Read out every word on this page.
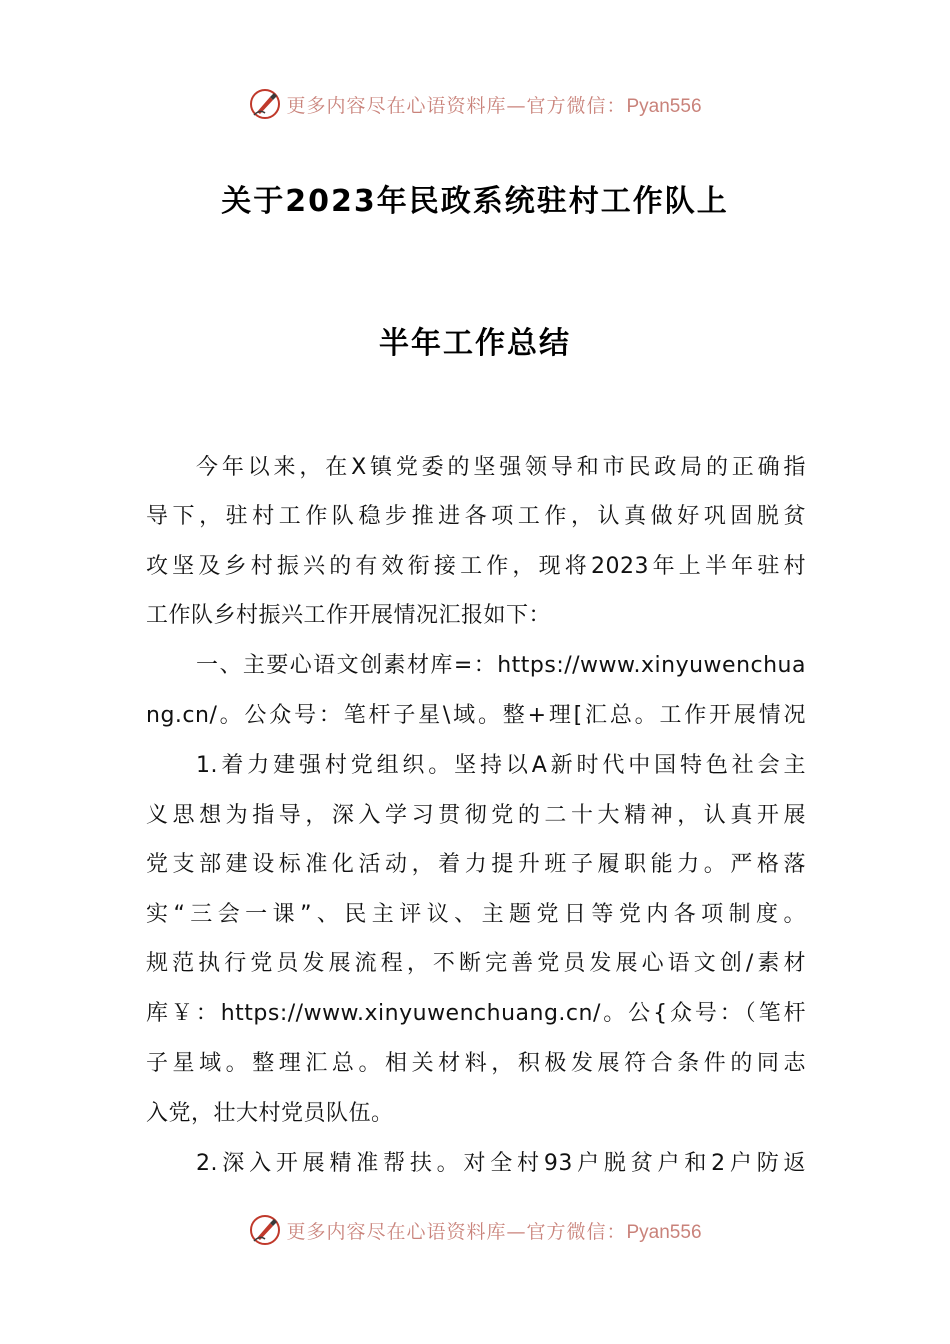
更多内容尽在心语资料库—官方微信：Pyan556
关于2023年民政系统驻村工作队上
半年工作总结
今年以来，在X镇党委的坚强领导和市民政局的正确指
导下，驻村工作队稳步推进各项工作，认真做好巩固脱贫
攻坚及乡村振兴的有效衔接工作，现将2023年上半年驻村
工作队乡村振兴工作开展情况汇报如下：
一、主要心语文创素材库=：https://www.xinyuwenchua
ng.cn/。公众号：笔杆子星\域。整+理[汇总。工作开展情况
1.着力建强村党组织。坚持以A新时代中国特色社会主
义思想为指导，深入学习贯彻党的二十大精神，认真开展
党支部建设标准化活动，着力提升班子履职能力。严格落
实“三会一课”、民主评议、主题党日等党内各项制度。
规范执行党员发展流程，不断完善党员发展心语文创/素材
库￥：https://www.xinyuwenchuang.cn/。公{众号：（笔杆
子星域。整理汇总。相关材料，积极发展符合条件的同志
入党，壮大村党员队伍。
2.深入开展精准帮扶。对全村93户脱贫户和2户防返
更多内容尽在心语资料库—官方微信：Pyan556
